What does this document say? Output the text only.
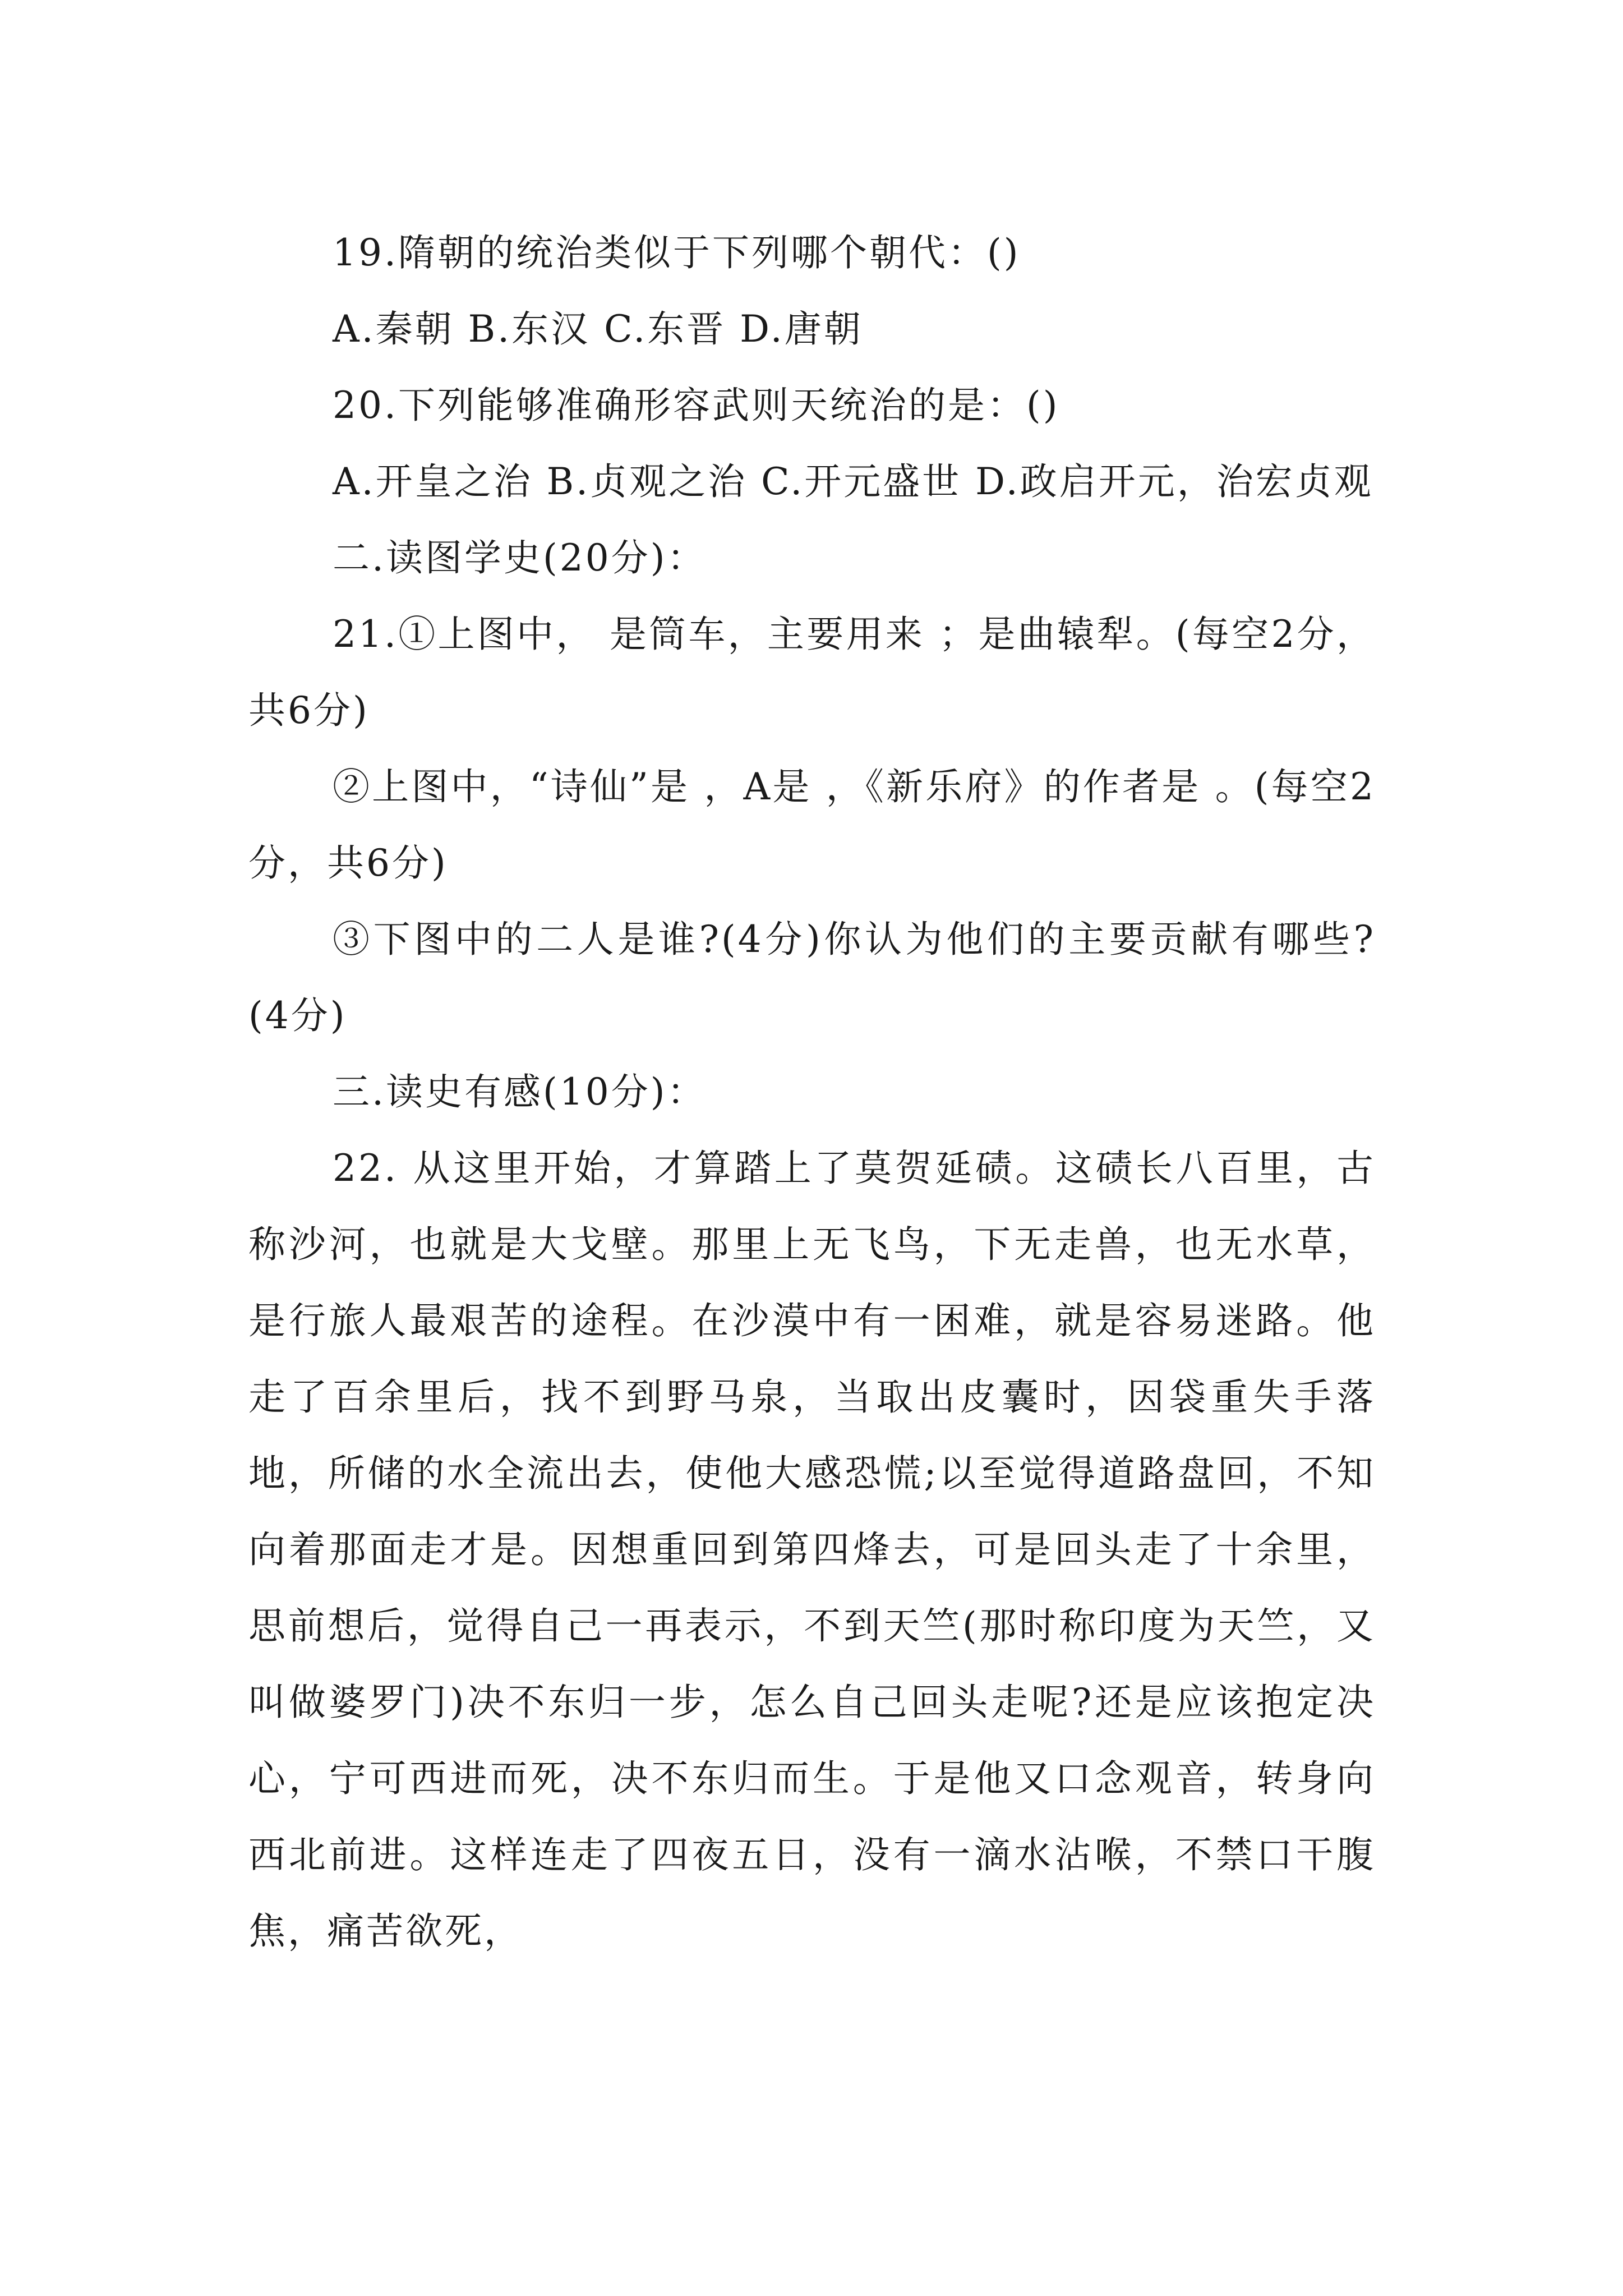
19.隋朝的统治类似于下列哪个朝代：()

A.秦朝 B.东汉 C.东晋 D.唐朝

20.下列能够准确形容武则天统治的是：()

A.开皇之治 B.贞观之治 C.开元盛世 D.政启开元，治宏贞观

二.读图学史(20分)：

21.①上图中， 是筒车，主要用来 ；是曲辕犁。(每空2分，共6分)

②上图中，“诗仙”是 ，A是 ，《新乐府》的作者是 。(每空2分，共6分)

③下图中的二人是谁?(4分)你认为他们的主要贡献有哪些?(4分)

三.读史有感(10分)：

22. 从这里开始，才算踏上了莫贺延碛。这碛长八百里，古称沙河，也就是大戈壁。那里上无飞鸟，下无走兽，也无水草，是行旅人最艰苦的途程。在沙漠中有一困难，就是容易迷路。他走了百余里后，找不到野马泉，当取出皮囊时，因袋重失手落地，所储的水全流出去，使他大感恐慌;以至觉得道路盘回，不知向着那面走才是。因想重回到第四烽去，可是回头走了十余里，思前想后，觉得自己一再表示，不到天竺(那时称印度为天竺，又叫做婆罗门)决不东归一步，怎么自己回头走呢?还是应该抱定决心，宁可西进而死，决不东归而生。于是他又口念观音，转身向西北前进。这样连走了四夜五日，没有一滴水沾喉，不禁口干腹焦，痛苦欲死，
